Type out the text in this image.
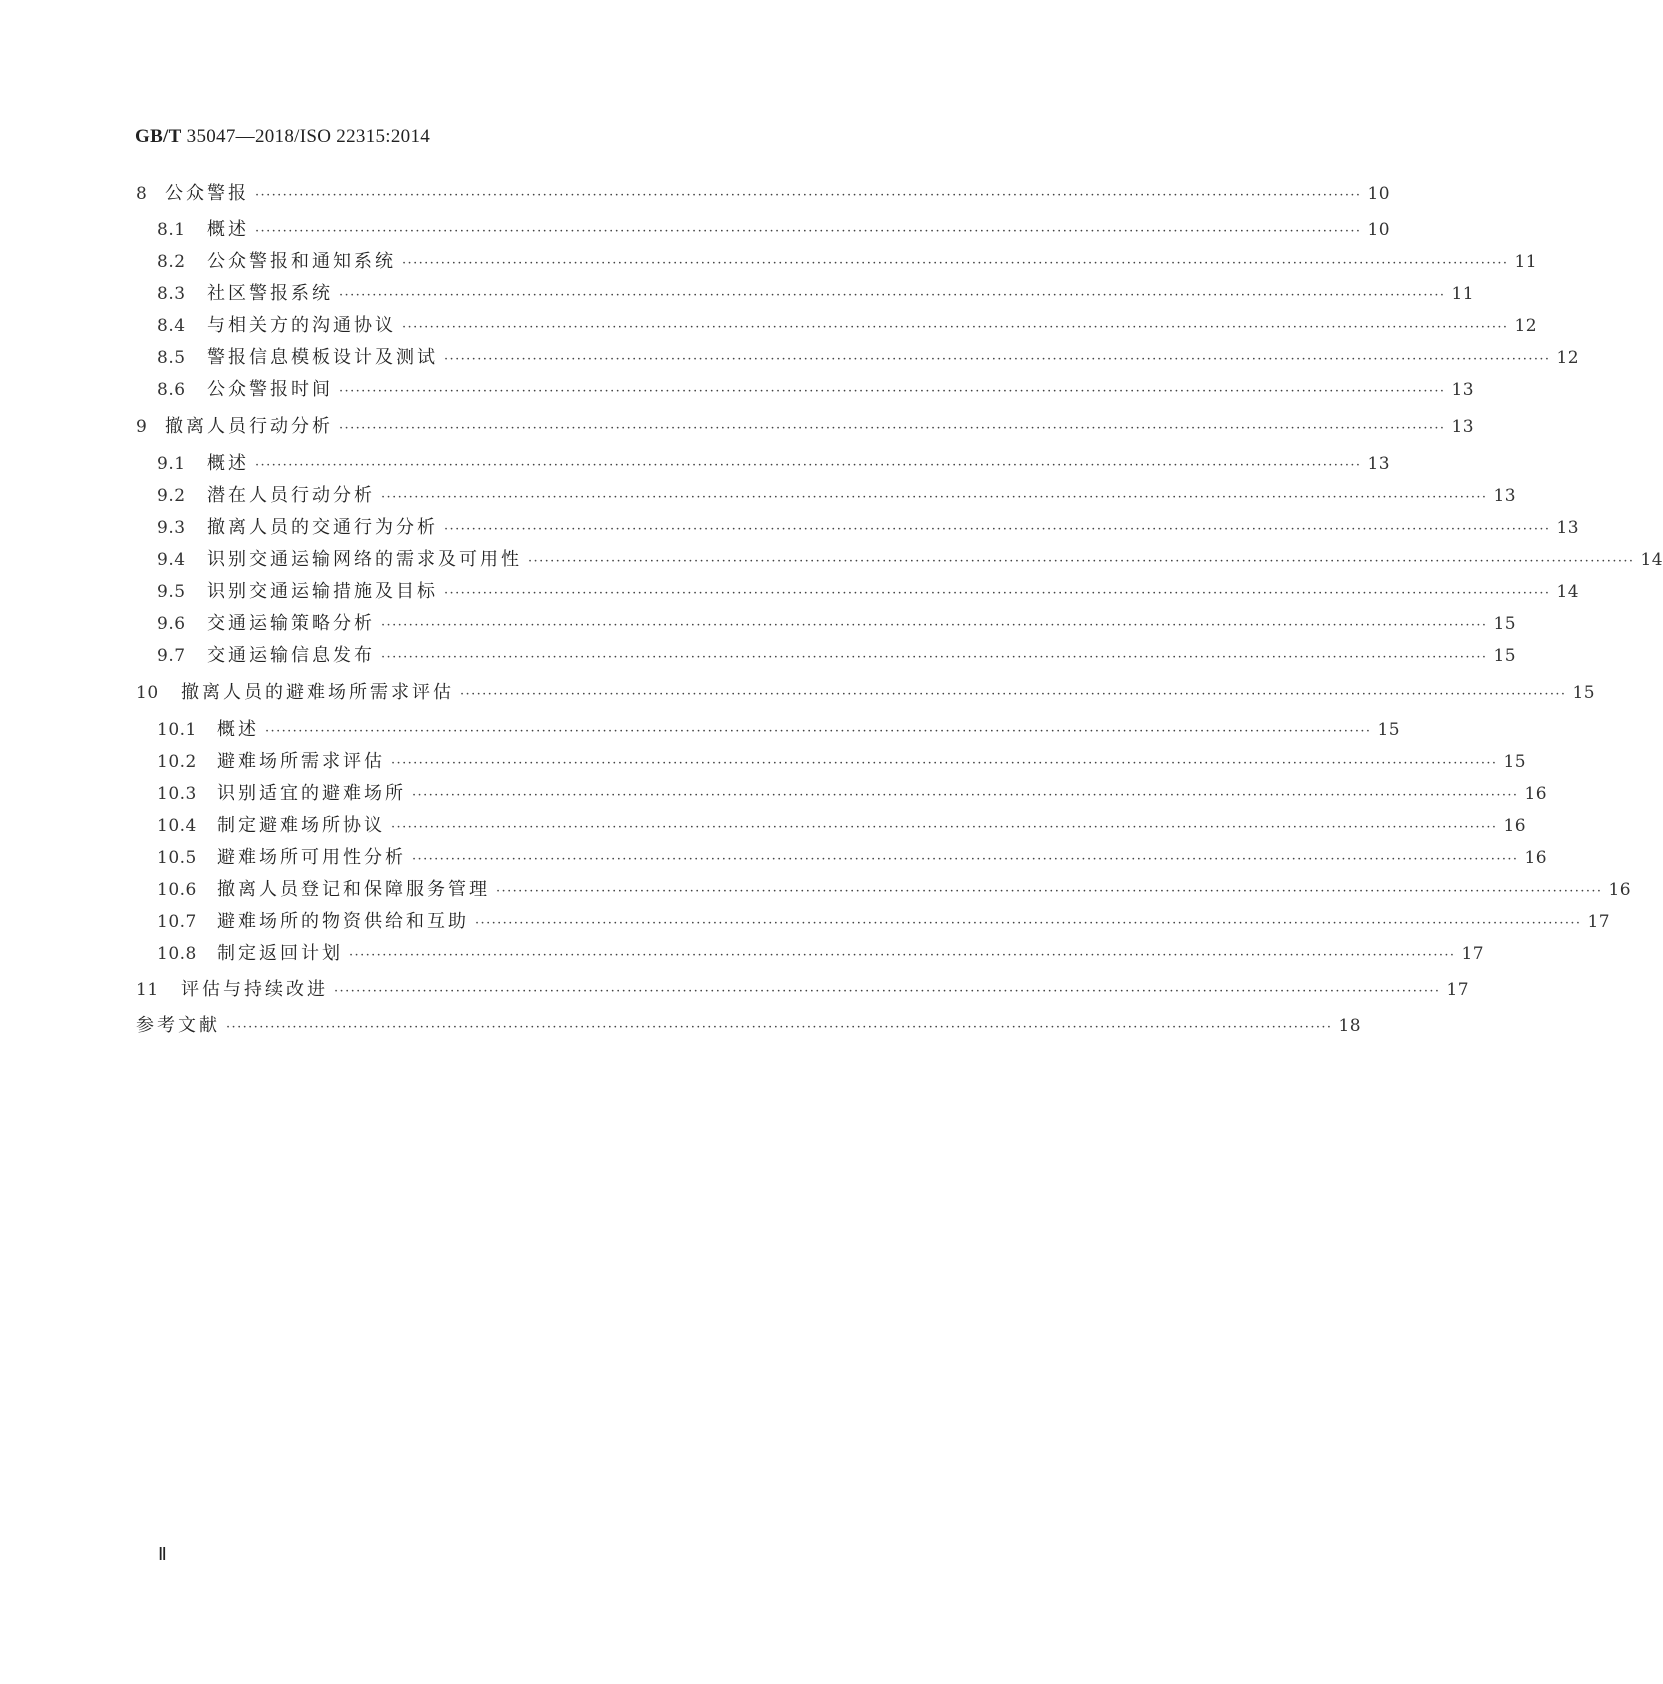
GB/T 35047—2018/ISO 22315:2014
8 公众警报 ········································································································································································································ 10
8.1	概述 ········································································································································································································ 10
8.2	公众警报和通知系统 ········································································································································································································ 11
8.3	社区警报系统 ········································································································································································································ 11
8.4	与相关方的沟通协议 ········································································································································································································ 12
8.5	警报信息模板设计及测试 ········································································································································································································ 12
8.6	公众警报时间 ········································································································································································································ 13
9 撤离人员行动分析 ········································································································································································································ 13
9.1	概述 ········································································································································································································ 13
9.2	潜在人员行动分析 ········································································································································································································ 13
9.3	撤离人员的交通行为分析 ········································································································································································································ 13
9.4	识别交通运输网络的需求及可用性 ········································································································································································································ 14
9.5	识别交通运输措施及目标 ········································································································································································································ 14
9.6	交通运输策略分析 ········································································································································································································ 15
9.7	交通运输信息发布 ········································································································································································································ 15
10	撤离人员的避难场所需求评估 ········································································································································································································ 15
10.1	概述 ········································································································································································································ 15
10.2	避难场所需求评估 ········································································································································································································ 15
10.3	识别适宜的避难场所 ········································································································································································································ 16
10.4	制定避难场所协议 ········································································································································································································ 16
10.5	避难场所可用性分析 ········································································································································································································ 16
10.6	撤离人员登记和保障服务管理 ········································································································································································································ 16
10.7	避难场所的物资供给和互助 ········································································································································································································ 17
10.8	制定返回计划 ········································································································································································································ 17
11	评估与持续改进 ········································································································································································································ 17
参考文献 ········································································································································································································ 18
Ⅱ
